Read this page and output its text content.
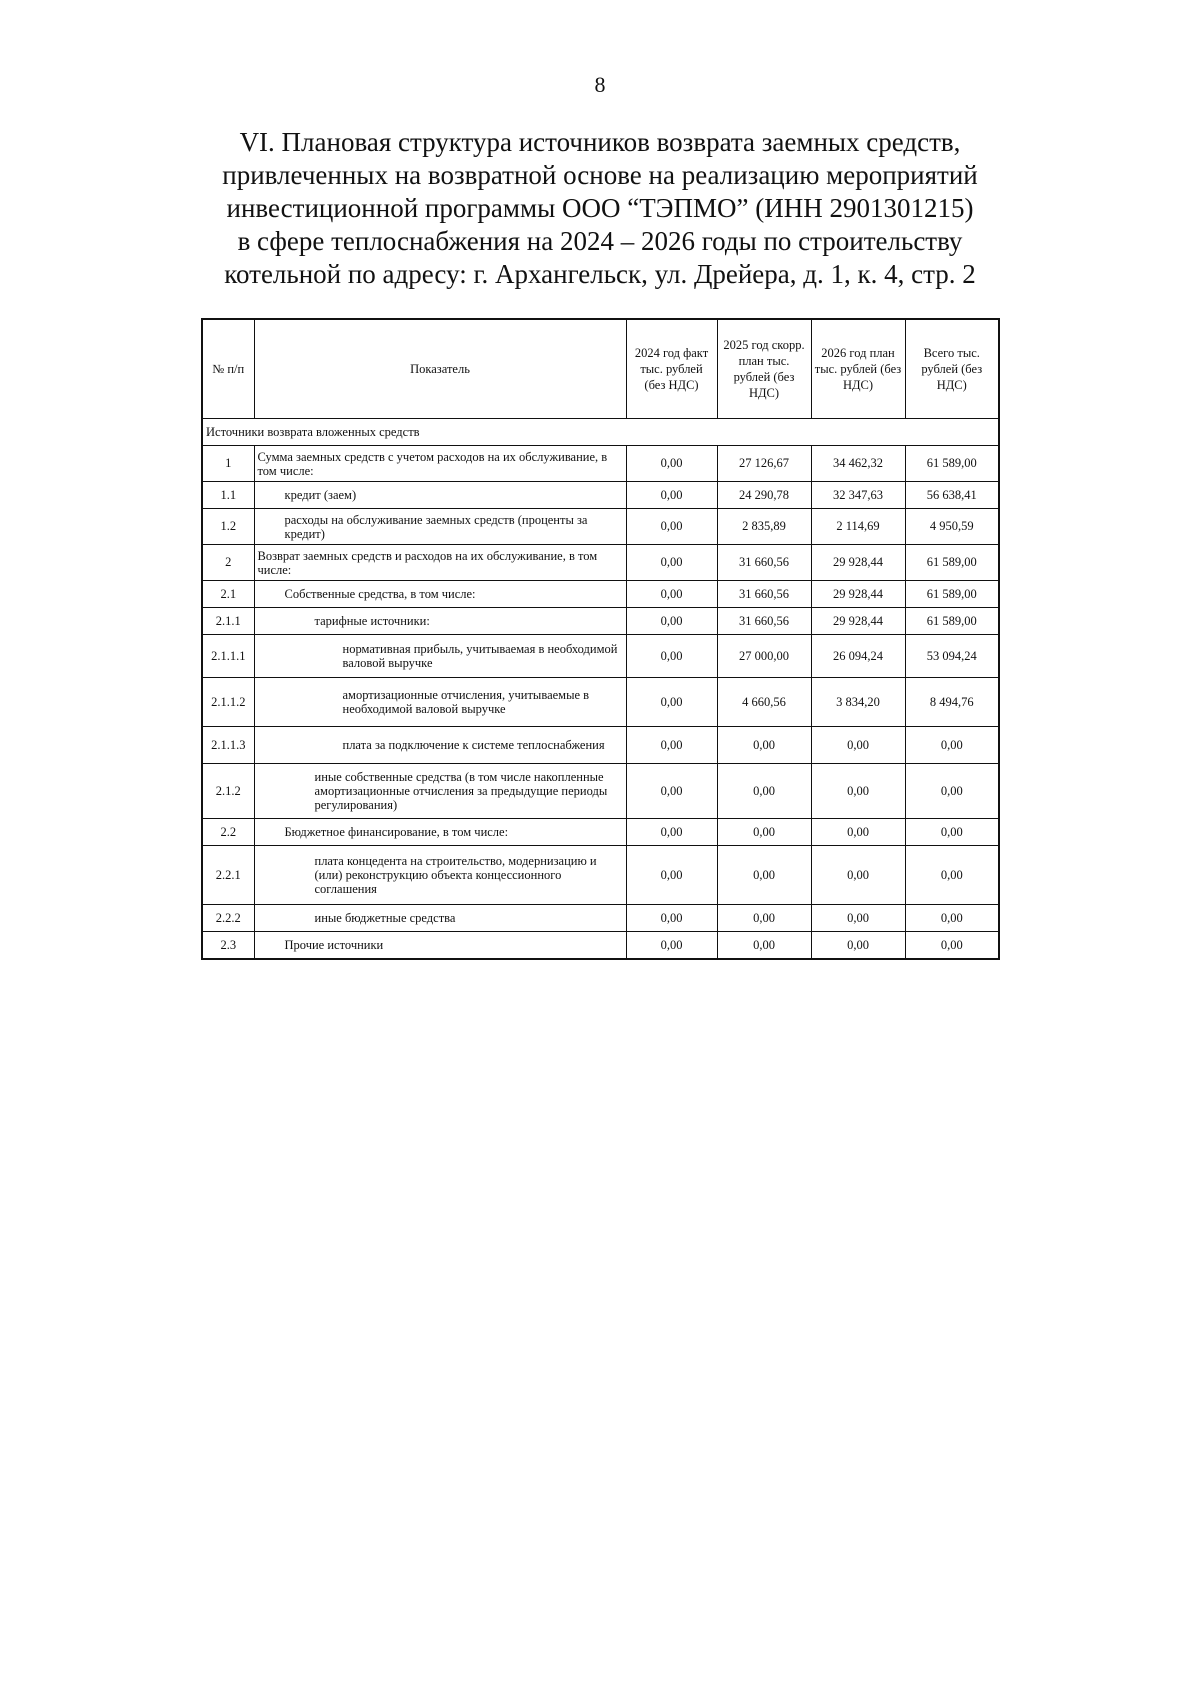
8
VI. Плановая структура источников возврата заемных средств,
привлеченных на возвратной основе на реализацию мероприятий
инвестиционной программы ООО “ТЭПМО” (ИНН 2901301215)
в сфере теплоснабжения на 2024 – 2026 годы по строительству
котельной по адресу: г. Архангельск, ул. Дрейера, д. 1, к. 4, стр. 2
№ п/п	Показатель	2024 год факт тыс. рублей (без НДС)	2025 год скорр. план тыс. рублей (без НДС)	2026 год план тыс. рублей (без НДС)	Всего тыс. рублей (без НДС)
Источники возврата вложенных средств					
1	Сумма заемных средств с учетом расходов на их обслуживание, в том числе:	0,00	27 126,67	34 462,32	61 589,00
1.1	кредит (заем)	0,00	24 290,78	32 347,63	56 638,41
1.2	расходы на обслуживание заемных средств (проценты за кредит)	0,00	2 835,89	2 114,69	4 950,59
2	Возврат заемных средств и расходов на их обслуживание, в том числе:	0,00	31 660,56	29 928,44	61 589,00
2.1	Собственные средства, в том числе:	0,00	31 660,56	29 928,44	61 589,00
2.1.1	тарифные источники:	0,00	31 660,56	29 928,44	61 589,00
2.1.1.1	нормативная прибыль, учитываемая в необходимой валовой выручке	0,00	27 000,00	26 094,24	53 094,24
2.1.1.2	амортизационные отчисления, учитываемые в необходимой валовой выручке	0,00	4 660,56	3 834,20	8 494,76
2.1.1.3	плата за подключение к системе теплоснабжения	0,00	0,00	0,00	0,00
2.1.2	иные собственные средства (в том числе накопленные амортизационные отчисления за предыдущие периоды регулирования)	0,00	0,00	0,00	0,00
2.2	Бюджетное финансирование, в том числе:	0,00	0,00	0,00	0,00
2.2.1	плата концедента на строительство, модернизацию и (или) реконструкцию объекта концессионного соглашения	0,00	0,00	0,00	0,00
2.2.2	иные бюджетные средства	0,00	0,00	0,00	0,00
2.3	Прочие источники	0,00	0,00	0,00	0,00
